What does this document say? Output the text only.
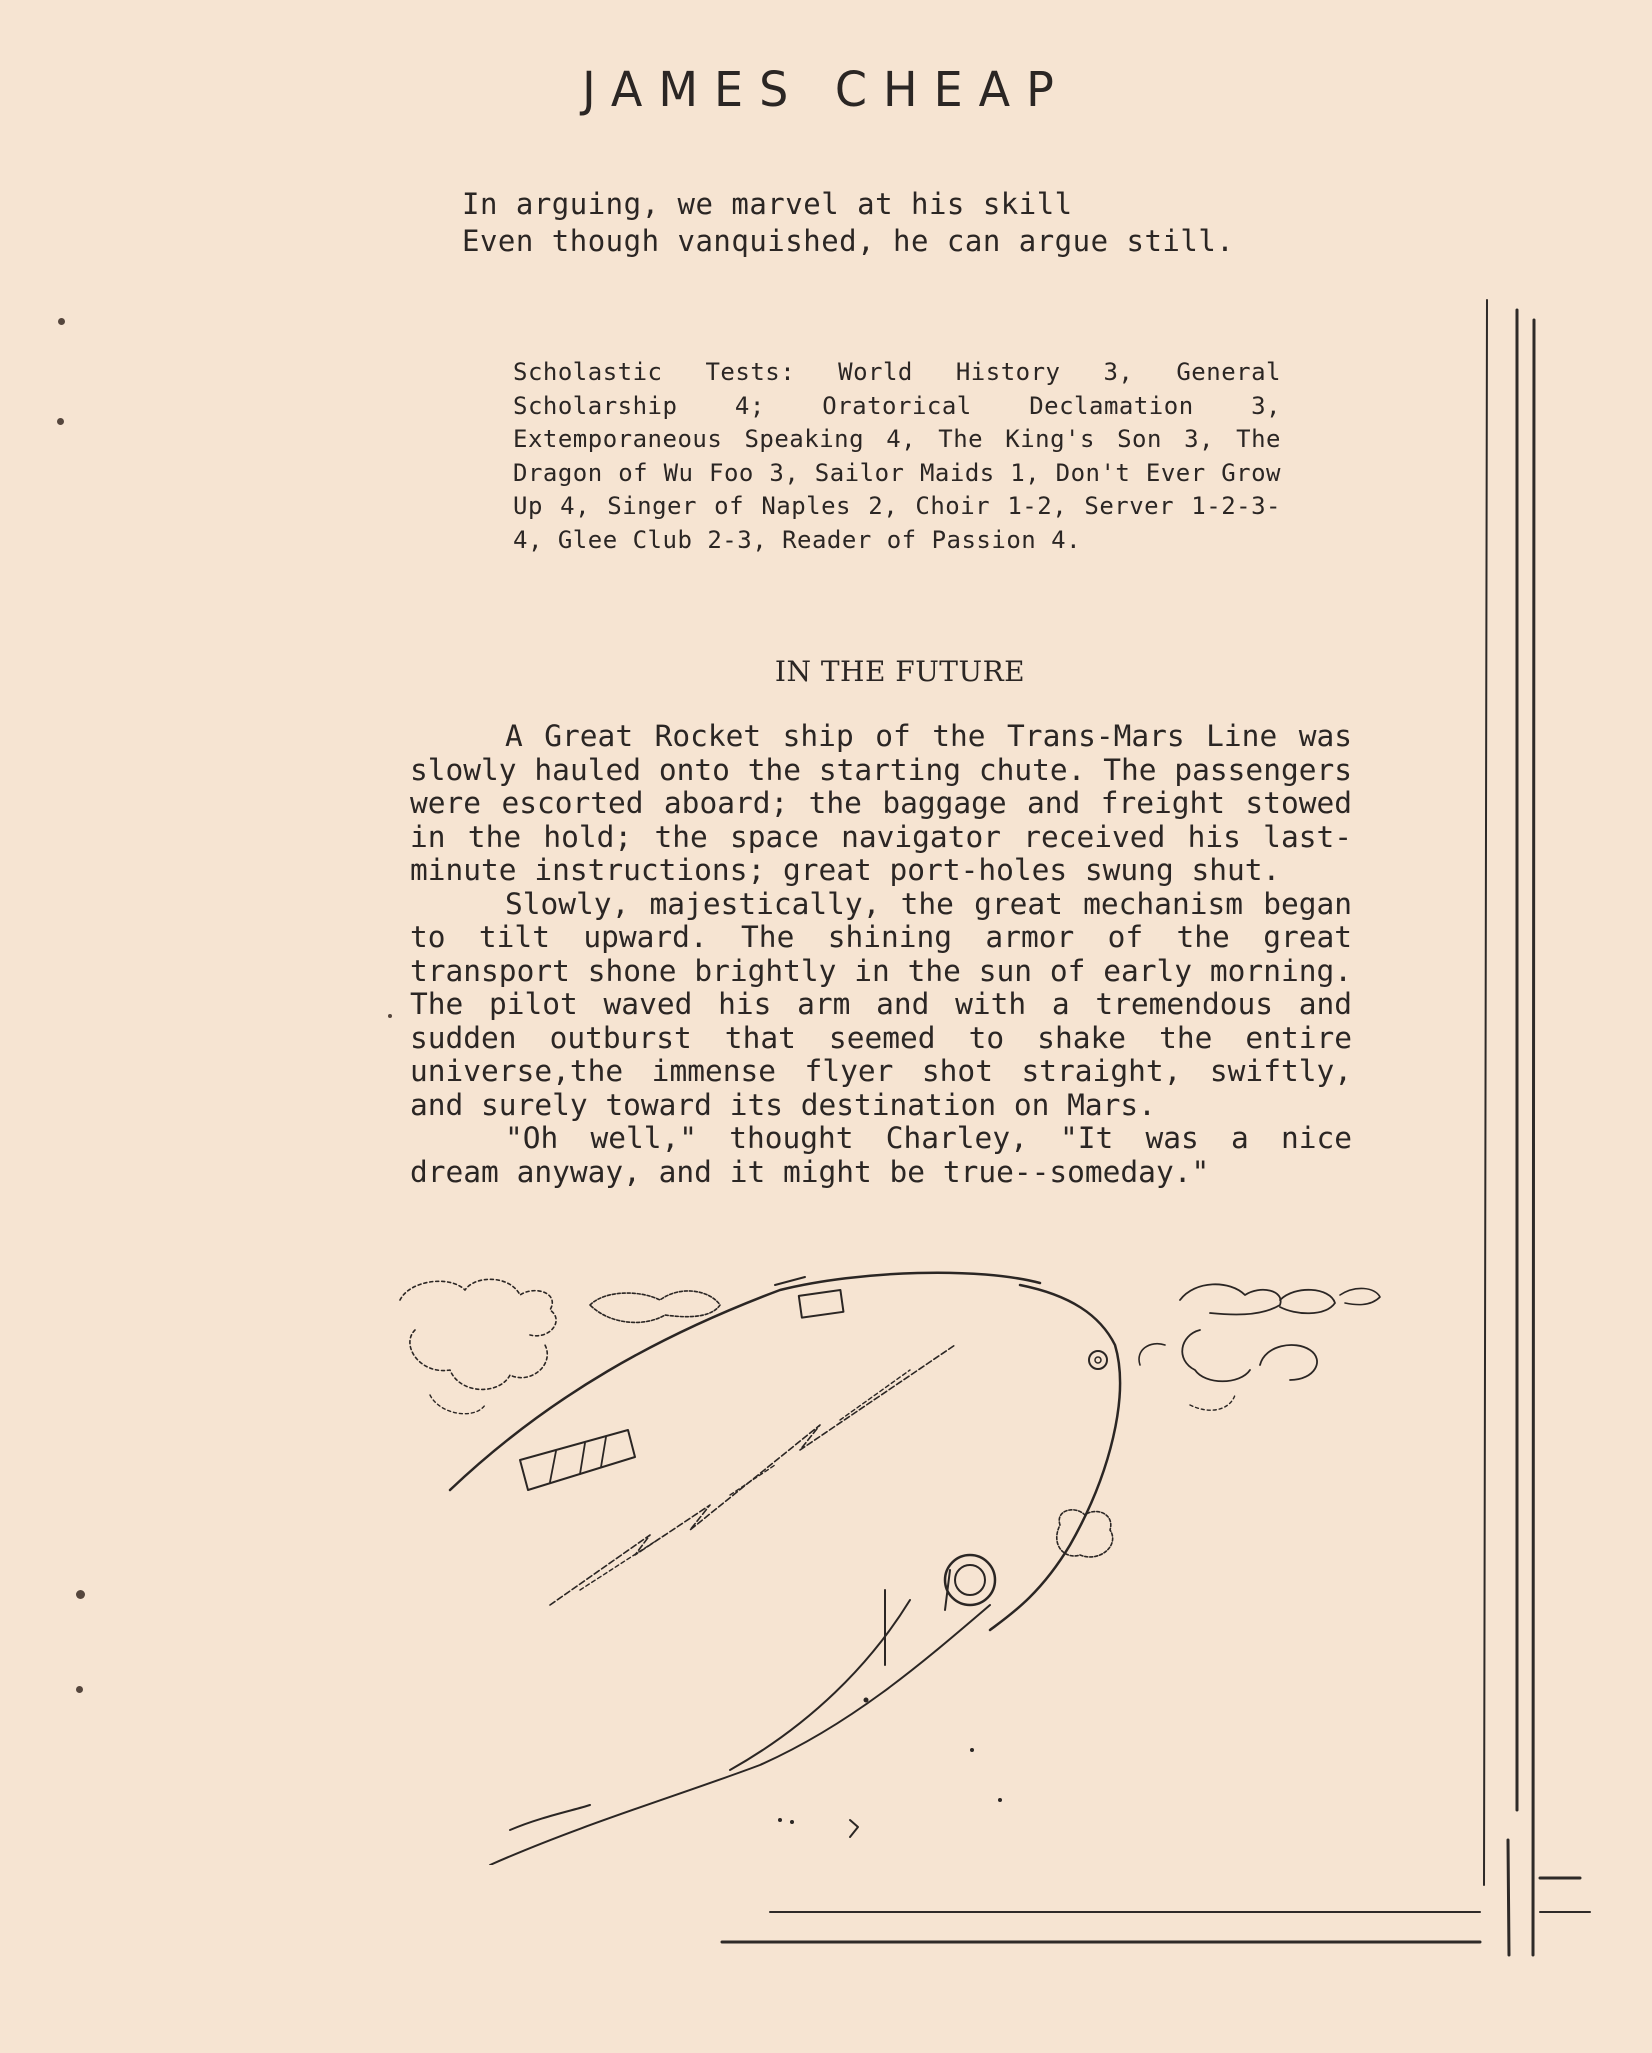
JAMES CHEAP
In arguing, we marvel at his skill
Even though vanquished, he can argue still.
Scholastic Tests: World History 3, General Scholarship 4; Oratorical Declamation 3, Extemporaneous Speaking 4, The King's Son 3, The Dragon of Wu Foo 3, Sailor Maids 1, Don't Ever Grow Up 4, Singer of Naples 2, Choir 1-2, Server 1-2-3-4, Glee Club 2-3, Reader of Passion 4.
IN THE FUTURE

A Great Rocket ship of the Trans-Mars Line was slowly hauled onto the starting chute. The passengers were escorted aboard; the baggage and freight stowed in the hold; the space navigator received his last-minute instructions; great port-holes swung shut.

Slowly, majestically, the great mechanism began to tilt upward. The shining armor of the great transport shone brightly in the sun of early morning. The pilot waved his arm and with a tremendous and sudden outburst that seemed to shake the entire universe,the immense flyer shot straight, swiftly, and surely toward its destination on Mars.

"Oh well," thought Charley, "It was a nice dream anyway, and it might be true--someday."
